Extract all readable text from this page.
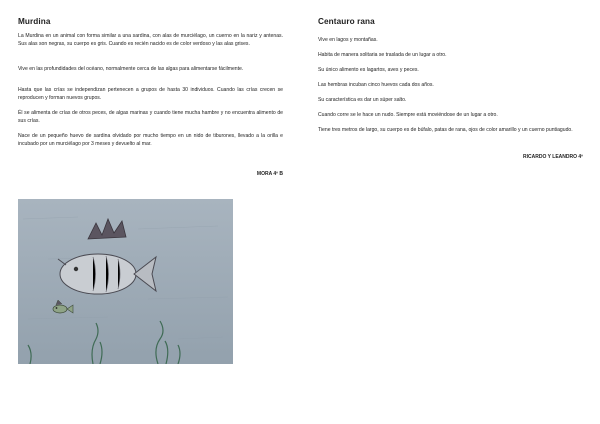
Murdina

La Murdina en un animal con forma similar a una sardina, con alas de murciélago, un cuerno en la nariz y antenas. Sus alas son negras, su cuerpo es gris. Cuando es recién nacido es de color verdoso y las alas grises.

Vive en las profundidades del océano, normalmente cerca de las algas para alimentarse fácilmente.

Hasta que las crías se independizan pertenecen a grupos de hasta 30 individuos. Cuando las crías crecen se reproducen y forman nuevos grupos.

Él se alimenta de crías de otros peces, de algas marinas y cuando tiene mucha hambre y no encuentra alimento de sus crías.

Nace de un pequeño huevo de sardina olvidado por mucho tiempo en un nido de tiburones, llevado a la orilla e incubado por un murciélago por 3 meses y devuelto al mar.

MORA 4º B
Centauro rana

Vive en lagos y montañas.

Habita de manera solitaria se traslada de un lugar a otro.

Su único alimento es lagartos, aves y peces.

Las hembras incuban cinco huevos cada dos años.

Su característica es dar un súper salto.

Cuando corre se le hace un nudo. Siempre está moviéndose de un lugar a otro.

Tiene tres metros de largo, su cuerpo es de búfalo, patas de rana, ojos de color amarillo y un cuerno puntiagudo.

RICARDO Y LEANDRO 4º
